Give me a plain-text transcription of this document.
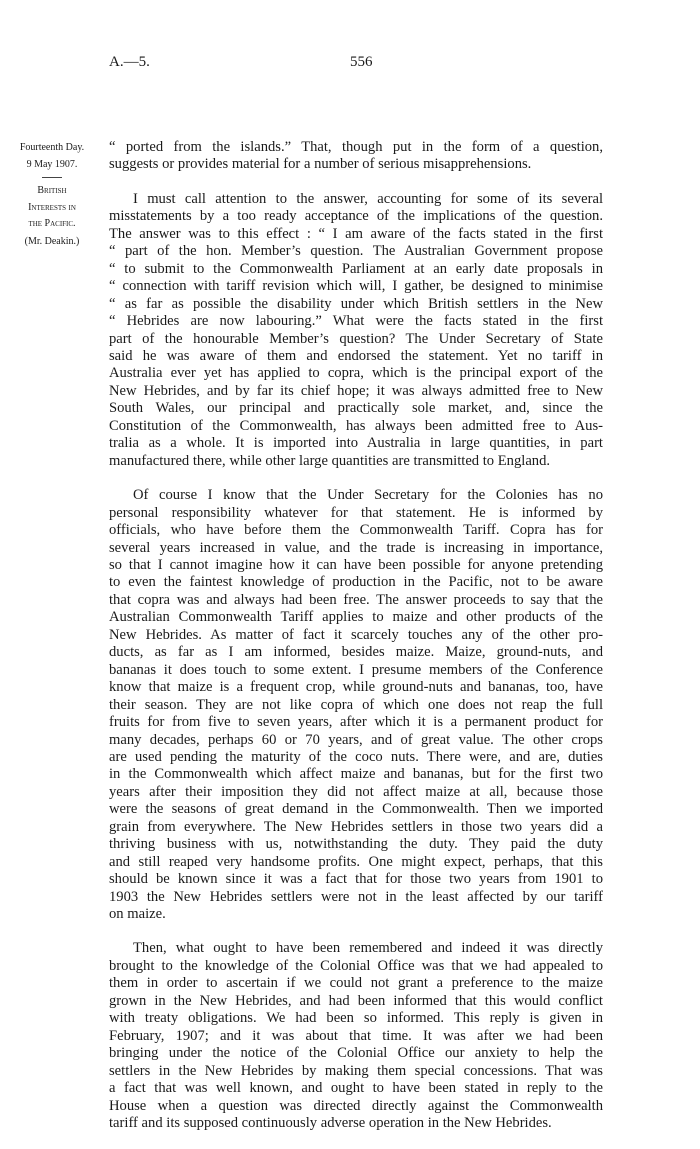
A.—5.	556
Fourteenth Day.
9 May 1907.
British
Interests in
the Pacific.
(Mr. Deakin.)
“ ported from the islands.” That, though put in the form of a question,
suggests or provides material for a number of serious misapprehensions.
I must call attention to the answer, accounting for some of its several
misstatements by a too ready acceptance of the implications of the question.
The answer was to this effect : “ I am aware of the facts stated in the first
“ part of the hon. Member’s question. The Australian Government propose
“ to submit to the Commonwealth Parliament at an early date proposals in
“ connection with tariff revision which will, I gather, be designed to minimise
“ as far as possible the disability under which British settlers in the New
“ Hebrides are now labouring.” What were the facts stated in the first
part of the honourable Member’s question? The Under Secretary of State
said he was aware of them and endorsed the statement. Yet no tariff in
Australia ever yet has applied to copra, which is the principal export of the
New Hebrides, and by far its chief hope; it was always admitted free to New
South Wales, our principal and practically sole market, and, since the
Constitution of the Commonwealth, has always been admitted free to Aus-
tralia as a whole. It is imported into Australia in large quantities, in part
manufactured there, while other large quantities are transmitted to England.
Of course I know that the Under Secretary for the Colonies has no
personal responsibility whatever for that statement. He is informed by
officials, who have before them the Commonwealth Tariff. Copra has for
several years increased in value, and the trade is increasing in importance,
so that I cannot imagine how it can have been possible for anyone pretending
to even the faintest knowledge of production in the Pacific, not to be aware
that copra was and always had been free. The answer proceeds to say that the
Australian Commonwealth Tariff applies to maize and other products of the
New Hebrides. As matter of fact it scarcely touches any of the other pro-
ducts, as far as I am informed, besides maize. Maize, ground-nuts, and
bananas it does touch to some extent. I presume members of the Conference
know that maize is a frequent crop, while ground-nuts and bananas, too, have
their season. They are not like copra of which one does not reap the full
fruits for from five to seven years, after which it is a permanent product for
many decades, perhaps 60 or 70 years, and of great value. The other crops
are used pending the maturity of the coco nuts. There were, and are, duties
in the Commonwealth which affect maize and bananas, but for the first two
years after their imposition they did not affect maize at all, because those
were the seasons of great demand in the Commonwealth. Then we imported
grain from everywhere. The New Hebrides settlers in those two years did a
thriving business with us, notwithstanding the duty. They paid the duty
and still reaped very handsome profits. One might expect, perhaps, that this
should be known since it was a fact that for those two years from 1901 to
1903 the New Hebrides settlers were not in the least affected by our tariff
on maize.
Then, what ought to have been remembered and indeed it was directly
brought to the knowledge of the Colonial Office was that we had appealed to
them in order to ascertain if we could not grant a preference to the maize
grown in the New Hebrides, and had been informed that this would conflict
with treaty obligations. We had been so informed. This reply is given in
February, 1907; and it was about that time. It was after we had been
bringing under the notice of the Colonial Office our anxiety to help the
settlers in the New Hebrides by making them special concessions. That was
a fact that was well known, and ought to have been stated in reply to the
House when a question was directed directly against the Commonwealth
tariff and its supposed continuously adverse operation in the New Hebrides.
